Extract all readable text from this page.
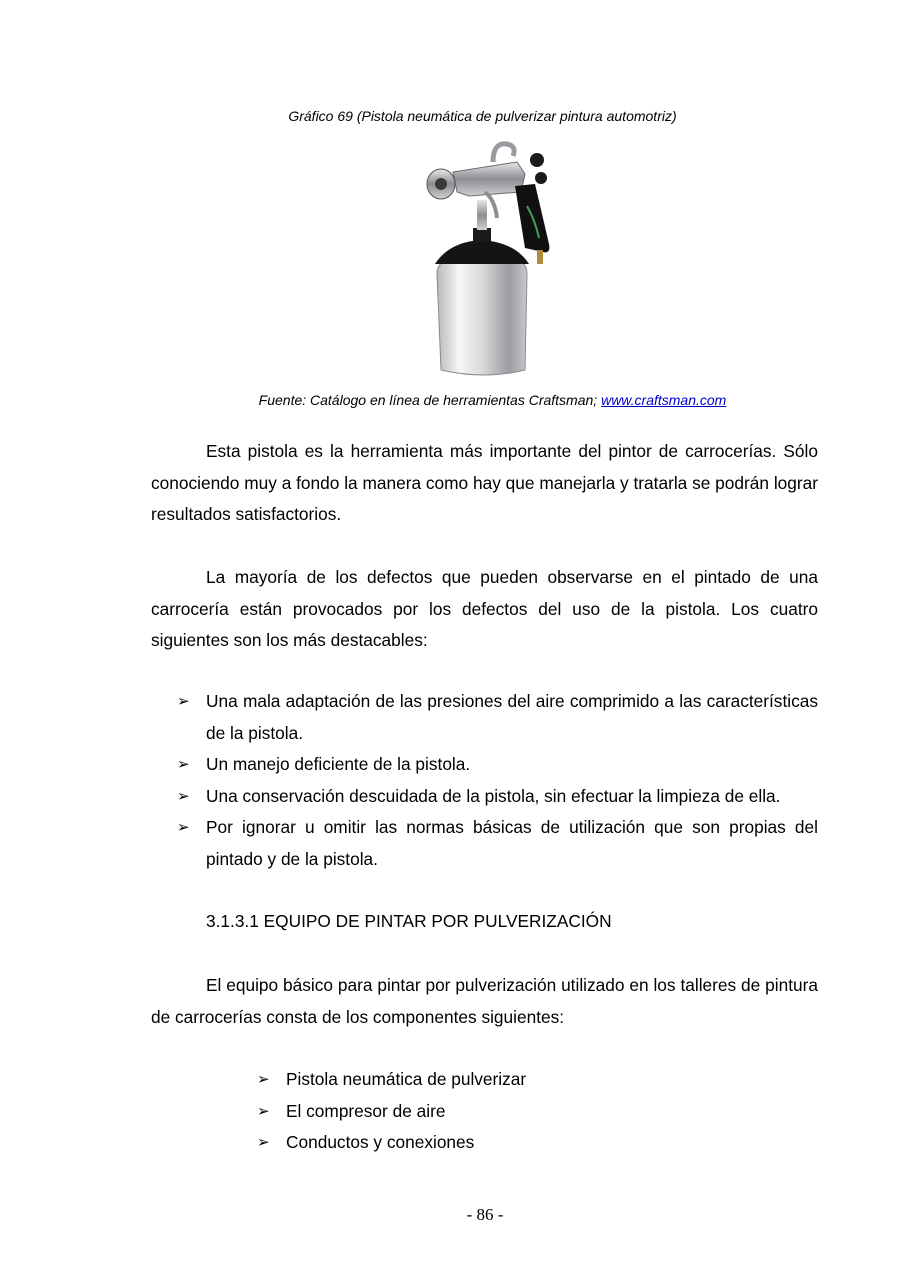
Gráfico 69 (Pistola neumática de pulverizar pintura automotriz)
Fuente: Catálogo en línea de herramientas Craftsman; www.craftsman.com

Esta pistola es la herramienta más importante del pintor de carrocerías. Sólo conociendo muy a fondo la manera como hay que manejarla y tratarla se podrán lograr resultados satisfactorios.

La mayoría de los defectos que pueden observarse en el pintado de una carrocería están provocados por los defectos del uso de la pistola. Los cuatro siguientes son los más destacables:

➢ Una mala adaptación de las presiones del aire comprimido a las características de la pistola.
➢ Un manejo deficiente de la pistola.
➢ Una conservación descuidada de la pistola, sin efectuar la limpieza de ella.
➢ Por ignorar u omitir las normas básicas de utilización que son propias del pintado y de la pistola.
3.1.3.1 EQUIPO DE PINTAR POR PULVERIZACIÓN

El equipo básico para pintar por pulverización utilizado en los talleres de pintura de carrocerías consta de los componentes siguientes:

➢ Pistola neumática de pulverizar
➢ El compresor de aire
➢ Conductos y conexiones
- 86 -
